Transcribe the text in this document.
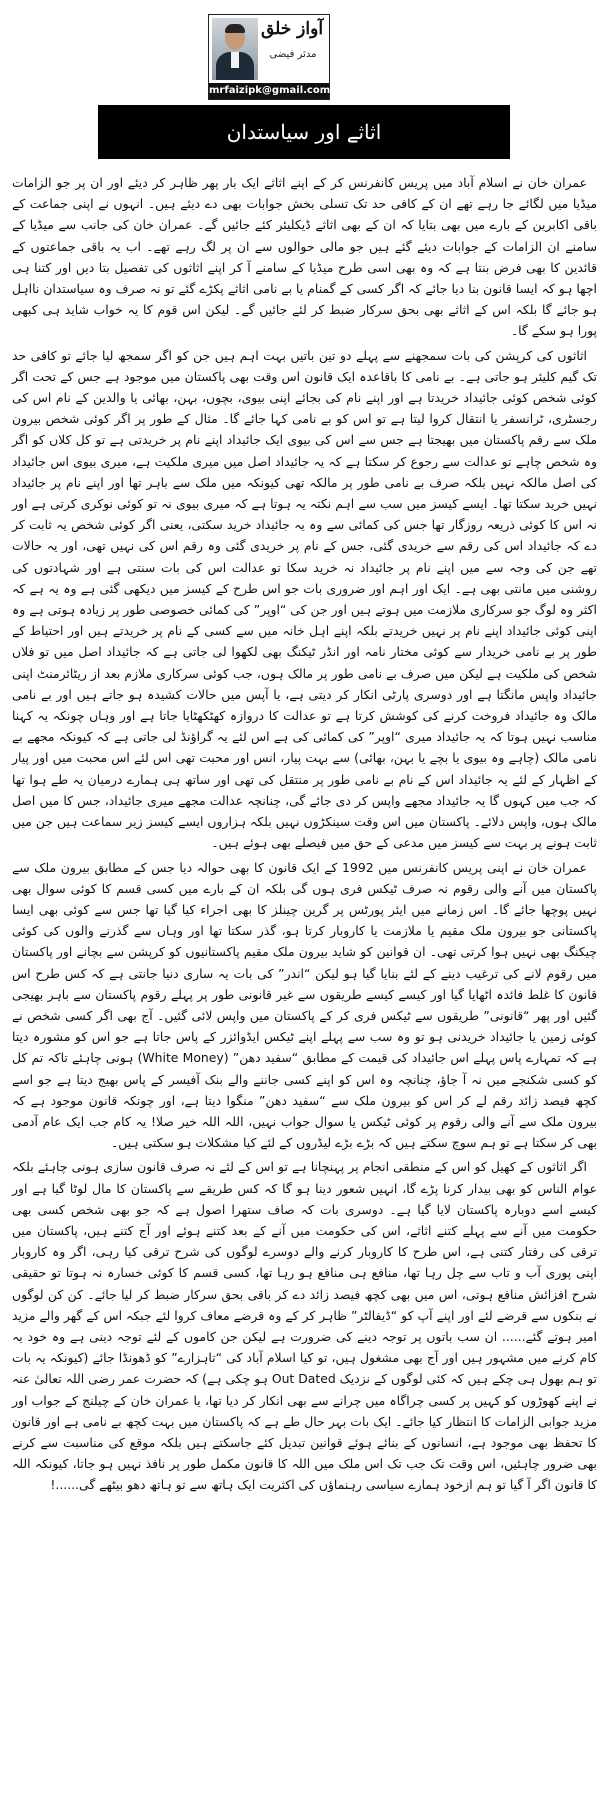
آواز خلق
مدثر فیضی
mrfaizipk@gmail.com
اثاثے اور سیاستدان

عمران خان نے اسلام آباد میں پریس کانفرنس کر کے اپنے اثاثے ایک بار پھر ظاہر کر دیئے اور ان پر جو الزامات میڈیا میں لگائے جا رہے تھے ان کے کافی حد تک تسلی بخش جوابات بھی دے دیئے ہیں۔ انہوں نے اپنی جماعت کے باقی اکابرین کے بارے میں بھی بتایا کہ ان کے بھی اثاثے ڈیکلیئر کئے جائیں گے۔ عمران خان کی جانب سے میڈیا کے سامنے ان الزامات کے جوابات دیئے گئے ہیں جو مالی حوالوں سے ان پر لگ رہے تھے۔ اب یہ باقی جماعتوں کے قائدین کا بھی فرض بنتا ہے کہ وہ بھی اسی طرح میڈیا کے سامنے آ کر اپنے اثاثوں کی تفصیل بتا دیں اور کتنا ہی اچھا ہو کہ ایسا قانون بنا دیا جائے کہ اگر کسی کے گمنام یا بے نامی اثاثے پکڑے گئے تو نہ صرف وہ سیاستدان نااہل ہو جائے گا بلکہ اس کے اثاثے بھی بحق سرکار ضبط کر لئے جائیں گے۔ لیکن اس قوم کا یہ خواب شاید ہی کبھی پورا ہو سکے گا۔

اثاثوں کی کرپشن کی بات سمجھنے سے پہلے دو تین باتیں بہت اہم ہیں جن کو اگر سمجھ لیا جائے تو کافی حد تک گیم کلیئر ہو جاتی ہے۔ بے نامی کا باقاعدہ ایک قانون اس وقت بھی پاکستان میں موجود ہے جس کے تحت اگر کوئی شخص کوئی جائیداد خریدتا ہے اور اپنے نام کی بجائے اپنی بیوی، بچوں، بہن، بھائی یا والدین کے نام اس کی رجسٹری، ٹرانسفر یا انتقال کروا لیتا ہے تو اس کو بے نامی کہا جائے گا۔ مثال کے طور پر اگر کوئی شخص بیرون ملک سے رقم پاکستان میں بھیجتا ہے جس سے اس کی بیوی ایک جائیداد اپنے نام پر خریدتی ہے تو کل کلاں کو اگر وہ شخص چاہے تو عدالت سے رجوع کر سکتا ہے کہ یہ جائیداد اصل میں میری ملکیت ہے، میری بیوی اس جائیداد کی اصل مالکہ نہیں بلکہ صرف بے نامی طور پر مالکہ تھی کیونکہ میں ملک سے باہر تھا اور اپنے نام پر جائیداد نہیں خرید سکتا تھا۔ ایسے کیسز میں سب سے اہم نکتہ یہ ہوتا ہے کہ میری بیوی نہ تو کوئی نوکری کرتی ہے اور نہ اس کا کوئی ذریعہ روزگار تھا جس کی کمائی سے وہ یہ جائیداد خرید سکتی، یعنی اگر کوئی شخص یہ ثابت کر دے کہ جائیداد اس کی رقم سے خریدی گئی، جس کے نام پر خریدی گئی وہ رقم اس کی نہیں تھی، اور یہ حالات تھے جن کی وجہ سے میں اپنے نام پر جائیداد نہ خرید سکا تو عدالت اس کی بات سنتی ہے اور شہادتوں کی روشنی میں مانتی بھی ہے۔ ایک اور اہم اور ضروری بات جو اس طرح کے کیسز میں دیکھی گئی ہے وہ یہ ہے کہ اکثر وہ لوگ جو سرکاری ملازمت میں ہوتے ہیں اور جن کی “اوپر” کی کمائی خصوصی طور پر زیادہ ہوتی ہے وہ اپنی کوئی جائیداد اپنے نام پر نہیں خریدتے بلکہ اپنے اہل خانہ میں سے کسی کے نام پر خریدتے ہیں اور احتیاط کے طور پر بے نامی خریدار سے کوئی مختار نامہ اور انڈر ٹیکنگ بھی لکھوا لی جاتی ہے کہ جائیداد اصل میں تو فلاں شخص کی ملکیت ہے لیکن میں صرف بے نامی طور پر مالک ہوں، جب کوئی سرکاری ملازم بعد از ریٹائرمنٹ اپنی جائیداد واپس مانگتا ہے اور دوسری پارٹی انکار کر دیتی ہے، یا آپس میں حالات کشیدہ ہو جاتے ہیں اور بے نامی مالک وہ جائیداد فروخت کرنے کی کوشش کرتا ہے تو عدالت کا دروازہ کھٹکھٹایا جاتا ہے اور وہاں چونکہ یہ کہنا مناسب نہیں ہوتا کہ یہ جائیداد میری “اوپر” کی کمائی کی ہے اس لئے یہ گراؤنڈ لی جاتی ہے کہ کیونکہ مجھے بے نامی مالک (چاہے وہ بیوی یا بچے یا بہن، بھائی) سے بہت پیار، انس اور محبت تھی اس لئے اس محبت میں اور پیار کے اظہار کے لئے یہ جائیداد اس کے نام بے نامی طور پر منتقل کی تھی اور ساتھ ہی ہمارے درمیان یہ طے ہوا تھا کہ جب میں کہوں گا یہ جائیداد مجھے واپس کر دی جائے گی، چنانچہ عدالت مجھے میری جائیداد، جس کا میں اصل مالک ہوں، واپس دلائے۔ پاکستان میں اس وقت سینکڑوں نہیں بلکہ ہزاروں ایسے کیسز زیر سماعت ہیں جن میں ثابت ہونے پر بہت سے کیسز میں مدعی کے حق میں فیصلے بھی ہوئے ہیں۔

عمران خان نے اپنی پریس کانفرنس میں 1992 کے ایک قانون کا بھی حوالہ دیا جس کے مطابق بیرون ملک سے پاکستان میں آنے والی رقوم نہ صرف ٹیکس فری ہوں گی بلکہ ان کے بارے میں کسی قسم کا کوئی سوال بھی نہیں پوچھا جائے گا۔ اس زمانے میں ایئر پورٹس پر گرین چینلز کا بھی اجراء کیا گیا تھا جس سے کوئی بھی ایسا پاکستانی جو بیرون ملک مقیم یا ملازمت یا کاروبار کرتا ہو، گذر سکتا تھا اور وہاں سے گذرنے والوں کی کوئی چیکنگ بھی نہیں ہوا کرتی تھی۔ ان قوانین کو شاید بیرون ملک مقیم پاکستانیوں کو کرپشن سے بچانے اور پاکستان میں رقوم لانے کی ترغیب دینے کے لئے بنایا گیا ہو لیکن “اندر” کی بات یہ ساری دنیا جانتی ہے کہ کس طرح اس قانون کا غلط فائدہ اٹھایا گیا اور کیسے کیسے طریقوں سے غیر قانونی طور پر پہلے رقوم پاکستان سے باہر بھیجی گئیں اور پھر “قانونی” طریقوں سے ٹیکس فری کر کے پاکستان میں واپس لائی گئیں۔ آج بھی اگر کسی شخص نے کوئی زمین یا جائیداد خریدنی ہو تو وہ سب سے پہلے اپنے ٹیکس ایڈوائزر کے پاس جاتا ہے جو اس کو مشورہ دیتا ہے کہ تمہارے پاس پہلے اس جائیداد کی قیمت کے مطابق “سفید دھن” (White Money) ہونی چاہئے تاکہ تم کل کو کسی شکنجے میں نہ آ جاؤ، چنانچہ وہ اس کو اپنے کسی جاننے والے بنک آفیسر کے پاس بھیج دیتا ہے جو اسے کچھ فیصد زائد رقم لے کر اس کو بیرون ملک سے “سفید دھن” منگوا دیتا ہے، اور چونکہ قانون موجود ہے کہ بیرون ملک سے آنے والی رقوم پر کوئی ٹیکس یا سوال جواب نہیں، اللہ اللہ خیر صلا! یہ کام جب ایک عام آدمی بھی کر سکتا ہے تو ہم سوچ سکتے ہیں کہ بڑے بڑے لیڈروں کے لئے کیا مشکلات ہو سکتی ہیں۔

اگر اثاثوں کے کھیل کو اس کے منطقی انجام پر پہنچانا ہے تو اس کے لئے نہ صرف قانون سازی ہونی چاہئے بلکہ عوام الناس کو بھی بیدار کرنا پڑے گا، انہیں شعور دینا ہو گا کہ کس طریقے سے پاکستان کا مال لوٹا گیا ہے اور کیسے اسے دوبارہ پاکستان لایا گیا ہے۔ دوسری بات کہ صاف ستھرا اصول ہے کہ جو بھی شخص کسی بھی حکومت میں آنے سے پہلے کتنے اثاثے، اس کی حکومت میں آنے کے بعد کتنے ہوئے اور آج کتنے ہیں، پاکستان میں ترقی کی رفتار کتنی ہے، اس طرح کا کاروبار کرنے والے دوسرے لوگوں کی شرح ترقی کیا رہی، اگر وہ کاروبار اپنی پوری آب و تاب سے چل رہا تھا، منافع ہی منافع ہو رہا تھا، کسی قسم کا کوئی خسارہ نہ ہوتا تو حقیقی شرح افزائش منافع ہوتی، اس میں بھی کچھ فیصد زائد دے کر باقی بحق سرکار ضبط کر لیا جائے۔ کن کن لوگوں نے بنکوں سے قرضے لئے اور اپنے آپ کو “ڈیفالٹر” ظاہر کر کے وہ قرضے معاف کروا لئے جبکہ اس کے گھر والے مزید امیر ہوتے گئے...... ان سب باتوں پر توجہ دینے کی ضرورت ہے لیکن جن کاموں کے لئے توجہ دینی ہے وہ خود یہ کام کرنے میں مشہور ہیں اور آج بھی مشغول ہیں، تو کیا اسلام آباد کی “تاہزارے” کو ڈھونڈا جائے (کیونکہ یہ بات تو ہم بھول ہی چکے ہیں کہ کئی لوگوں کے نزدیک Out Dated ہو چکی ہے) کہ حضرت عمر رضی اللہ تعالیٰ عنہ نے اپنے کھوڑوں کو کہیں پر کسی چراگاہ میں چرانے سے بھی انکار کر دیا تھا، یا عمران خان کے چیلنج کے جواب اور مزید جوابی الزامات کا انتظار کیا جائے۔ ایک بات بہر حال طے ہے کہ پاکستان میں بہت کچھ بے نامی ہے اور قانون کا تحفظ بھی موجود ہے، انسانوں کے بنائے ہوئے قوانین تبدیل کئے جاسکتے ہیں بلکہ موقع کی مناسبت سے کرنے بھی ضرور چاہئیں، اس وقت تک جب تک اس ملک میں اللہ کا قانون مکمل طور پر نافذ نہیں ہو جاتا، کیونکہ اللہ کا قانون اگر آ گیا تو ہم ازخود ہمارے سیاسی رہنماؤں کی اکثریت ایک ہاتھ سے تو ہاتھ دھو بیٹھے گی......!
